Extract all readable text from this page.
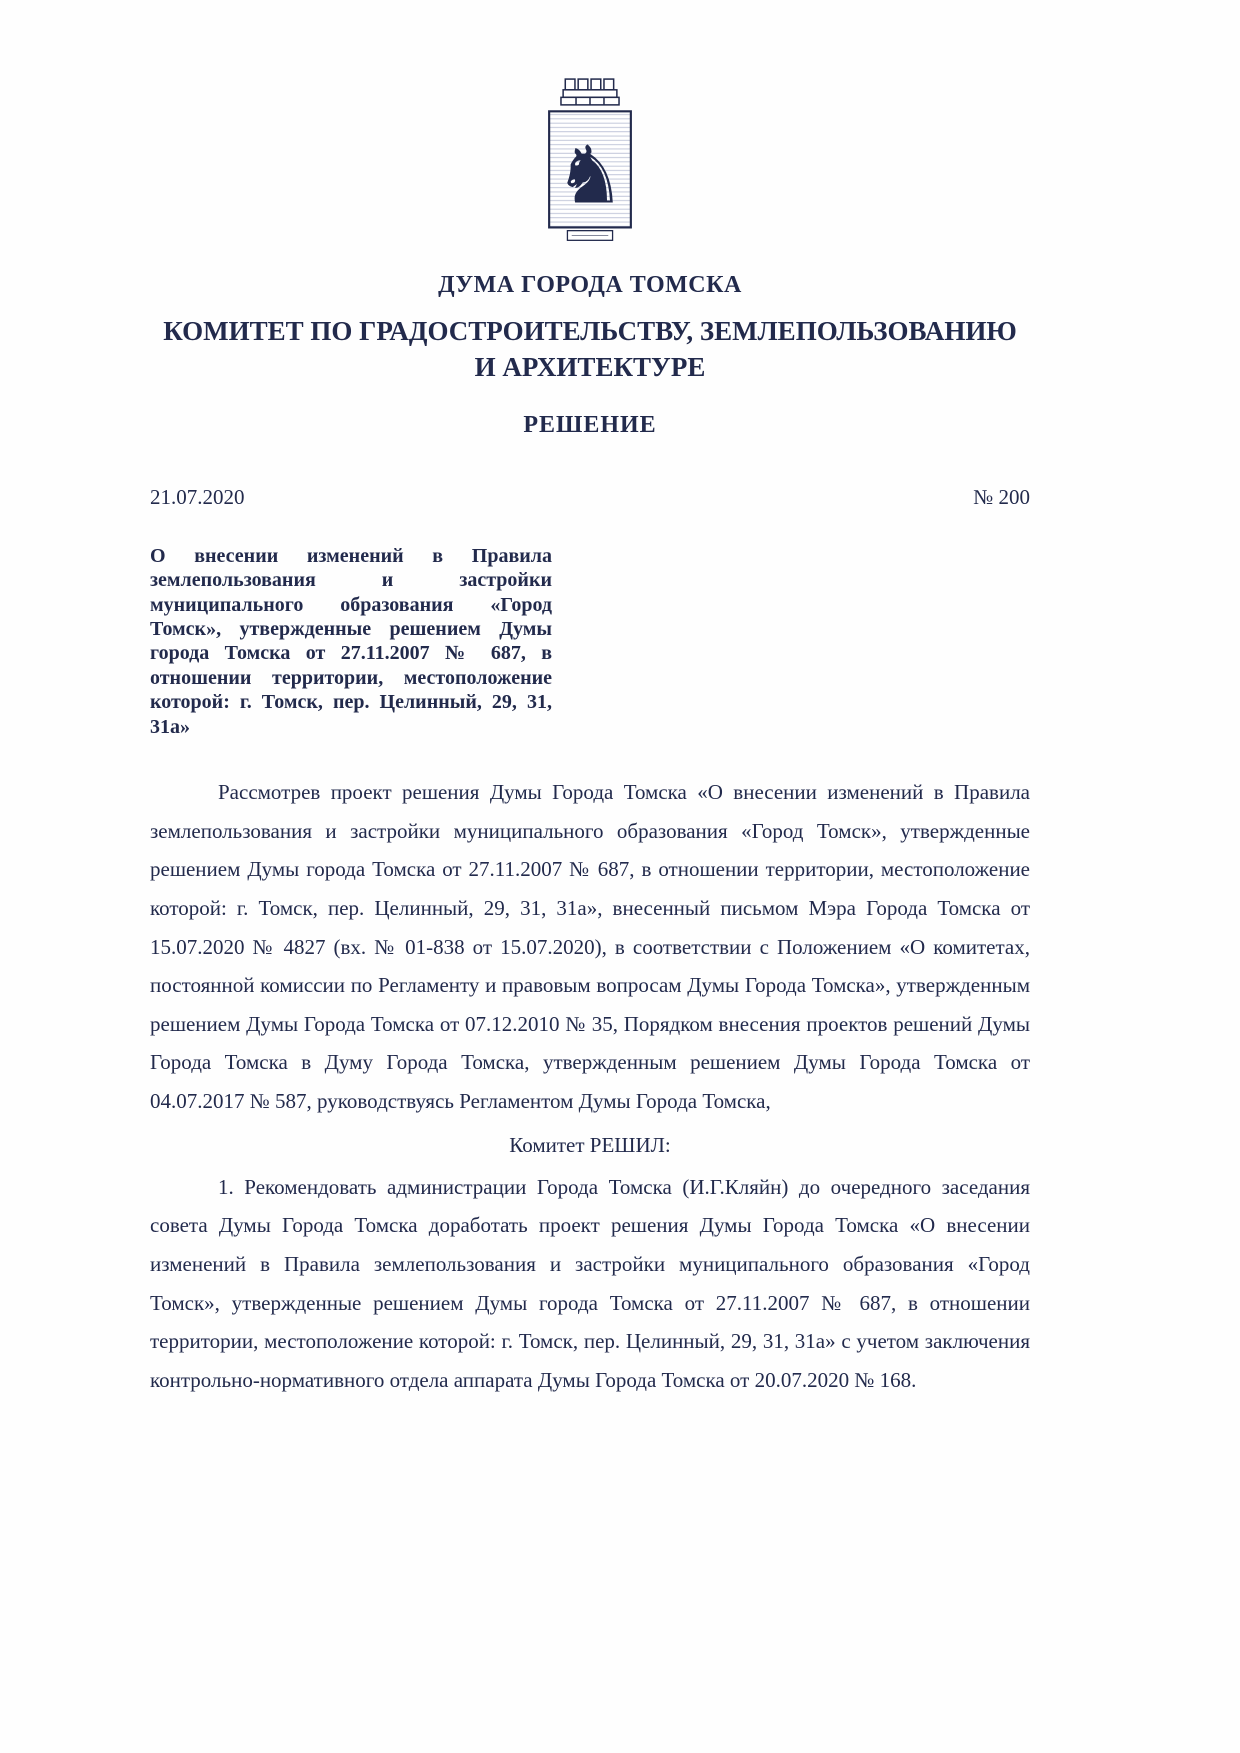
♞
ДУМА ГОРОДА ТОМСКА
КОМИТЕТ ПО ГРАДОСТРОИТЕЛЬСТВУ, ЗЕМЛЕПОЛЬЗОВАНИЮ И АРХИТЕКТУРЕ
РЕШЕНИЕ
21.07.2020	№ 200
О внесении изменений в Правила землепользования и застройки муниципального образования «Город Томск», утвержденные решением Думы города Томска от 27.11.2007 № 687, в отношении территории, местоположение которой: г. Томск, пер. Целинный, 29, 31, 31а»

Рассмотрев проект решения Думы Города Томска «О внесении изменений в Правила землепользования и застройки муниципального образования «Город Томск», утвержденные решением Думы города Томска от 27.11.2007 № 687, в отношении территории, местоположение которой: г. Томск, пер. Целинный, 29, 31, 31а», внесенный письмом Мэра Города Томска от 15.07.2020 № 4827 (вх. № 01-838 от 15.07.2020), в соответствии с Положением «О комитетах, постоянной комиссии по Регламенту и правовым вопросам Думы Города Томска», утвержденным решением Думы Города Томска от 07.12.2010 № 35, Порядком внесения проектов решений Думы Города Томска в Думу Города Томска, утвержденным решением Думы Города Томска от 04.07.2017 № 587, руководствуясь Регламентом Думы Города Томска,

Комитет РЕШИЛ:

1. Рекомендовать администрации Города Томска (И.Г.Кляйн) до очередного заседания совета Думы Города Томска доработать проект решения Думы Города Томска «О внесении изменений в Правила землепользования и застройки муниципального образования «Город Томск», утвержденные решением Думы города Томска от 27.11.2007 № 687, в отношении территории, местоположение которой: г. Томск, пер. Целинный, 29, 31, 31а» с учетом заключения контрольно-нормативного отдела аппарата Думы Города Томска от 20.07.2020 № 168.
